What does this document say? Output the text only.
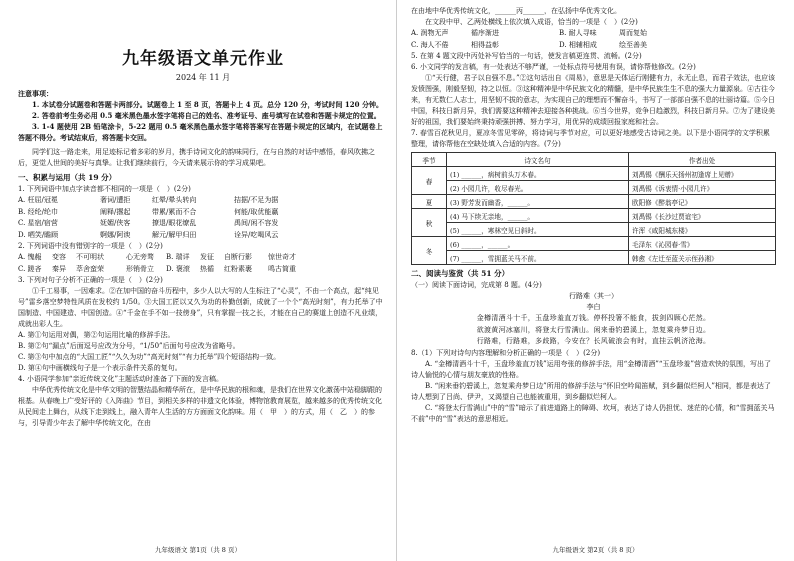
九年级语文单元作业
2024 年 11 月

注意事项：

1. 本试卷分试题卷和答题卡两部分。试题卷上 1 至 8 页，答题卡上 4 页。总分 120 分，考试时间 120 分钟。

2. 答卷前考生务必用 0.5 毫米黑色墨水签字笔将自己的姓名、准考证号、座号填写在试卷和答题卡规定的位置。

3. 1-4 题使用 2B 铅笔涂卡，5-22 题用 0.5 毫米黑色墨水签字笔将答案写在答题卡规定的区域内，在试题卷上答题不得分。考试结束后，将答题卡交回。

同学们这一路走来，用足迹标记着多彩的岁月，携手诗词文化的韵味同行，在与自然的对话中感悟，春风吹拂之后，更觉人世间的美好与真挚。让我们继续前行，今天请来展示你的学习成果吧。

一、积累与运用（共 19 分）

1. 下列词语中加点字读音都不相同的一项是（　）(2分)

A. 枉屈/冠冕	奢词/遭拒	红晕/晕头转向	拮据/不足为据
B. 经纶/纶巾	阐释/撂起	带累/累而不合	何能/取优能赢
C. 星宿/宿营	妩媚/侠客	撩退/眼花缭乱	禹间/闲不容发
D. 哂笑/瞻顾	婀娜/阿谀	解元/解甲归田	诠异/吃喝风云

2. 下列词语中没有错别字的一项是（　）(2分)

A. 愧赧	变容	不可明状	心无旁骛	B. 瑞详	发征	自断行影	惊世奇才
C. 蹉吝	秦异	萃舍蛮荣	形销骨立	D. 褒滚	热循	红粉素裹	鸣古简重

3. 下列对句子分析不正确的一项是（　）(2分)

①千工易事，一因难求。②在加中国的奋斗历程中，多少人以大写的人生标注了“心灵”，不由一个高点，起“纯见号”雷乡落空梦特性风质在发校约 1/50。③大国工匠以又久为功的朴勤创新，成就了一个个“高光时刻”，有力托举了中国制造、中国建造、中国创造。④“千金在手不如一技傍身”，只有掌握一技之长，才能在自己的赛道上创造不凡业绩，成就出彩人生。

A. 第①句运用对偶，第②句运用比喻的修辞手法。

B. 第②句“漏点”后面逗号应改为分号，“1/50”后面句号应改为省略号。

C. 第③句中加点的“大国工匠”“久久为功”“高光时刻”“有力托举”四个短语结构一致。

D. 第④句中画横线句子是一个表示条件关系的复句。

4. 小语同学参加“亲近传统文化”主题活动时准备了下面的发言稿。

中华优秀传统文化是中华文明的智慧结晶和精华所在，是中华民族的根和魂，是我们在世界文化激荡中站稳脚跟的根基。从春晚上广受好评的《入阵曲》节目，到相关多样的非遗文化体验，博物馆教育展览，越来越多的优秀传统文化从民间走上舞台，从线下走到线上，融入青年人生活的方方面面文化韵味。用（　甲　）的方式，用（　乙　）的参与，引导青少年去了解中华传统文化，在由

九年级语文 第1页（共 8 页）

在由地中华优秀传统文化，______丙______，在弘扬中华优秀文化。

在文段中甲、乙两处横线上依次填入成语，恰当的一项是（　）(2分)

A. 润物无声	循序渐进	B. 耐人寻味	周而复始
C. 海人不倦	相得益彰	D. 相辅相成	绘至善美

5. 在第 4 题文段中丙处补写恰当的一句话，使发言稿更连贯、流畅。(2分)

6. 小文同学的发言稿，有一处表达不够严谨，一处标点符号使用有误，请你帮他修改。(2分)

①“天行健，君子以自强不息。”②这句话出自《周易》，意思是天体运行刚健有力，永无止息，而君子效法，也应该发愤图强，刚毅坚韧，持之以恒。③这种精神是中华民族文化的精髓，是中华民族生生不息的强大力量源泉。④古往今来，有无数仁人志士，用坚韧不拔的意志，为实现自己的理想而不懈奋斗，书写了一部部自强不息的壮丽诗篇。⑤今日中国，科技日新月异，我们需要这种精神去迎接各种挑战。⑥当今世界，竞争日趋激烈，科技日新月异。⑦为了建设美好的祖国，我们要始终秉持顽强拼搏、努力学习，用优异的成绩回报家庭和社会。

7. 春雪百花秋见月，夏凉冬雪见零碎，将诗词与季节对应，可以更好地感受古诗词之美。以下是小语同学的文学积累整理，请你帮他在空缺处填入合适的内容。(7分)

季节	诗文名句	作者出处
春	(1) ______，病树前头万木春。	刘禹锡《酬乐天扬州初逢席上见赠》
	(2) 小园几许，收尽春光。	刘禹锡《诉衷情·小园几许》
夏	(3) 野芳发而幽香，______。	欧阳修《醉翁亭记》
秋	(4) 马下续无亲地，______。	刘禹锡《长沙过贾谊宅》
	(5) ______，寒林空见日斜时。	许浑《咸阳城东楼》
冬	(6) ______，______。	毛泽东《沁园春·雪》
	(7) ______，雪拥蓝关马不前。	韩愈《左迁至蓝关示侄孙湘》

二、阅读与鉴赏（共 51 分）

（一）阅读下面诗词，完成第 8 题。(4分)

行路难（其一）

李白

金樽清酒斗十千，玉盘珍羞直万钱。停杯投箸不能食，拔剑四顾心茫然。

欲渡黄河冰塞川，将登太行雪满山。闲来垂钓碧溪上，忽复乘舟梦日边。

行路难，行路难，多歧路，今安在？长风破浪会有时，直挂云帆济沧海。

8.（1）下列对诗句内容理解和分析正确的一项是（　）(2分)

A. “金樽清酒斗十千，玉盘珍羞直万钱”运用夸张的修辞手法，用“金樽清酒”“玉盘珍羞”营造欢快的氛围，写出了诗人愉悦的心情与朋友豪放的性格。

B. “闲来垂钓碧溪上，忽复乘舟梦日边”所用的修辞手法与“怀旧空吟闻笛赋，到乡翻似烂柯人”相同，都是表达了诗人想到了吕尚、伊尹，又渴望自己也能被重用，到乡翻似烂柯人。

C. “将登太行雪满山”中的“雪”暗示了前进道路上的障碍、坎坷，表达了诗人仍担忧、迷茫的心情，和“雪拥蓝关马不前”中的“雪”表达的意思相近。

九年级语文 第2页（共 8 页）
